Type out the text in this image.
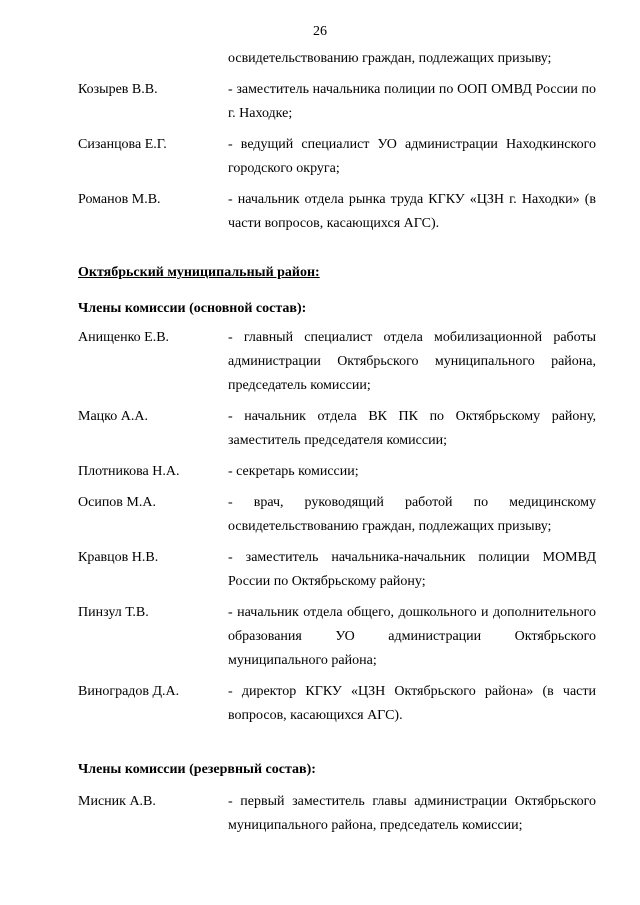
26
освидетельствованию граждан, подлежащих призыву;
Козырев В.В.	- заместитель начальника полиции по ООП ОМВД России по г. Находке;
Сизанцова Е.Г.	- ведущий специалист УО администрации Находкинского городского округа;
Романов М.В.	- начальник отдела рынка труда КГКУ «ЦЗН г. Находки» (в части вопросов, касающихся АГС).
Октябрьский муниципальный район:
Члены комиссии (основной состав):
Анищенко Е.В.	- главный специалист отдела мобилизационной работы администрации Октябрьского муниципального района, председатель комиссии;
Мацко А.А.	- начальник отдела ВК ПК по Октябрьскому району, заместитель председателя комиссии;
Плотникова Н.А.	- секретарь комиссии;
Осипов М.А.	- врач, руководящий работой по медицинскому освидетельствованию граждан, подлежащих призыву;
Кравцов Н.В.	- заместитель начальника-начальник полиции МОМВД России по Октябрьскому району;
Пинзул Т.В.	- начальник отдела общего, дошкольного и дополнительного образования УО администрации Октябрьского муниципального района;
Виноградов Д.А.	- директор КГКУ «ЦЗН Октябрьского района» (в части вопросов, касающихся АГС).
Члены комиссии (резервный состав):
Мисник А.В.	- первый заместитель главы администрации Октябрьского муниципального района, председатель комиссии;
